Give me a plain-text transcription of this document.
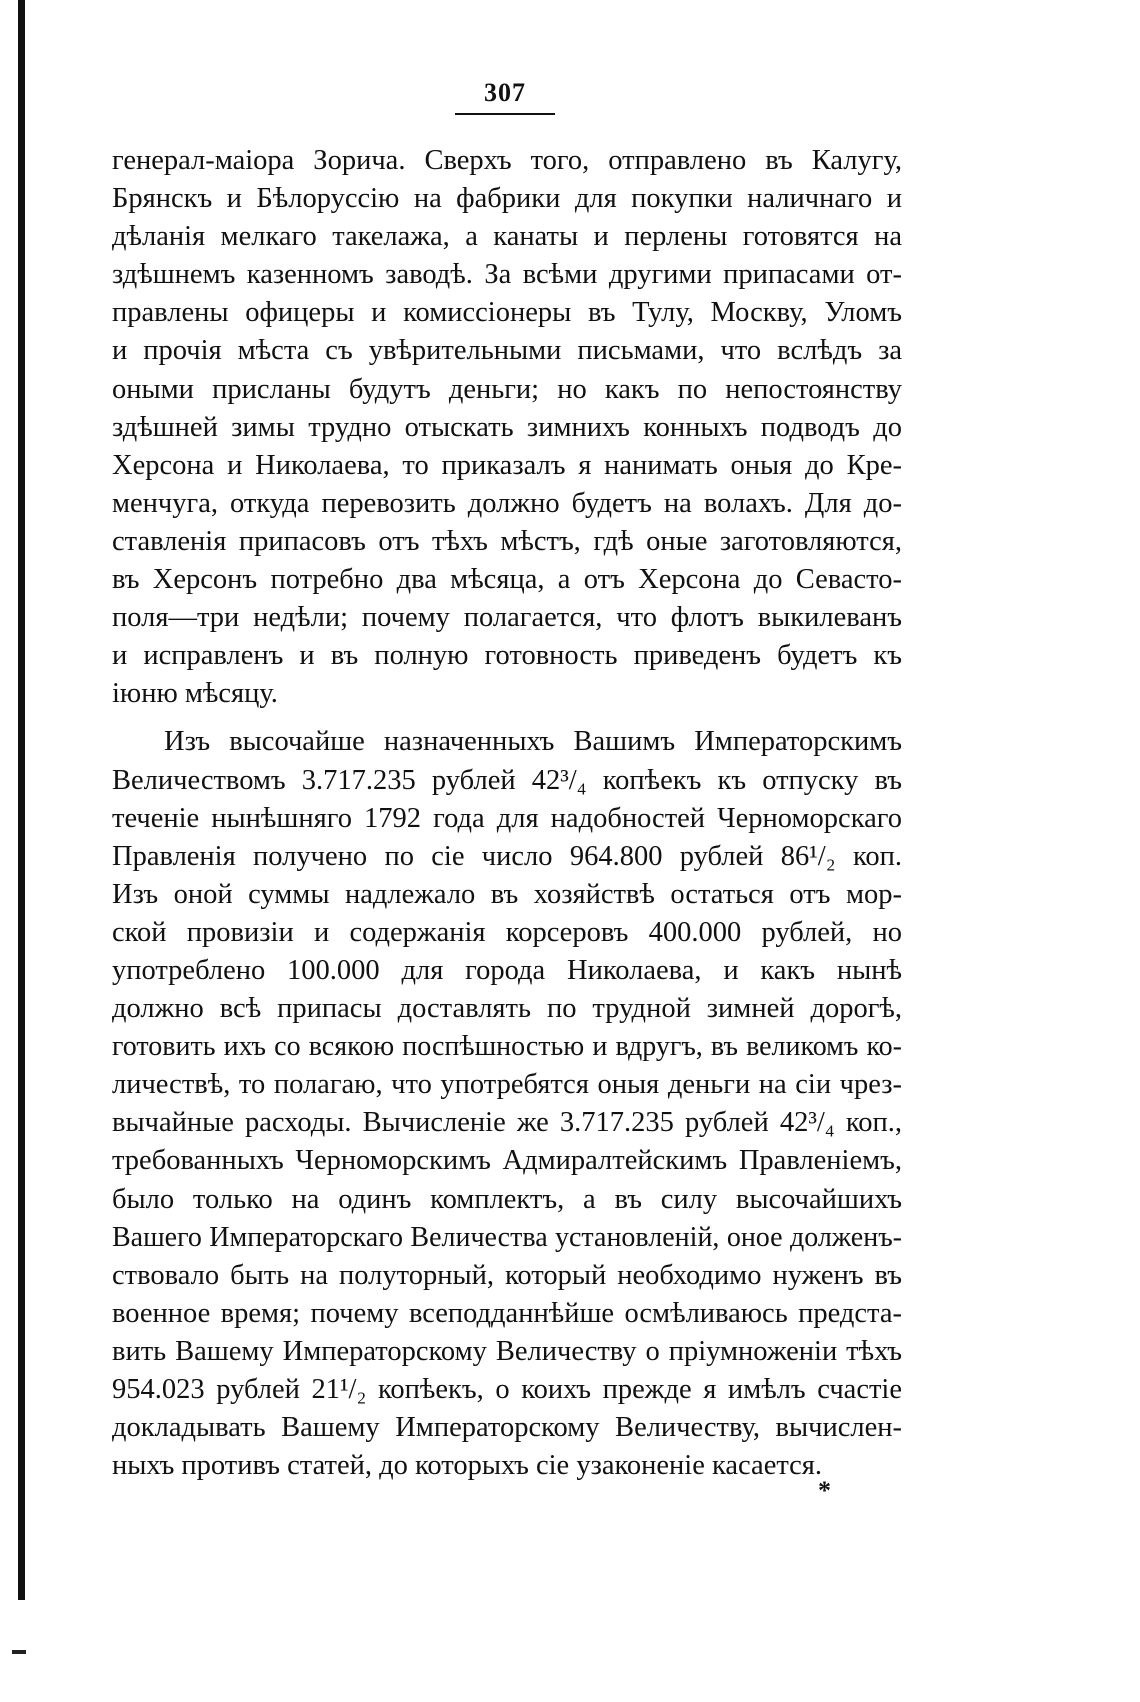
307
генерал-маiора Зорича. Сверхъ того, отправлено въ Калугу,
Брянскъ и Бѣлоруссiю на фабрики для покупки наличнаго и
дѣланiя мелкаго такелажа, а канаты и перлены готовятся на
здѣшнемъ казенномъ заводѣ. За всѣми другими припасами от-
правлены офицеры и комиссiонеры въ Тулу, Москву, Уломъ
и прочiя мѣста съ увѣрительными письмами, что вслѣдъ за
оными присланы будутъ деньги; но какъ по непостоянству
здѣшней зимы трудно отыскать зимнихъ конныхъ подводъ до
Херсона и Николаева, то приказалъ я нанимать оныя до Кре-
менчуга, откуда перевозить должно будетъ на волахъ. Для до-
ставленiя припасовъ отъ тѣхъ мѣстъ, гдѣ оные заготовляются,
въ Херсонъ потребно два мѣсяца, а отъ Херсона до Севасто-
поля—три недѣли; почему полагается, что флотъ выкилеванъ
и исправленъ и въ полную готовность приведенъ будетъ къ
iюню мѣсяцу.
Изъ высочайше назначенныхъ Вашимъ Императорскимъ
Величествомъ 3.717.235 рублей 42³/₄ копѣекъ къ отпуску въ
теченiе нынѣшняго 1792 года для надобностей Черноморскаго
Правленiя получено по сiе число 964.800 рублей 86¹/₂ коп.
Изъ оной суммы надлежало въ хозяйствѣ остаться отъ мор-
ской провизiи и содержанiя корсеровъ 400.000 рублей, но
употреблено 100.000 для города Николаева, и какъ нынѣ
должно всѣ припасы доставлять по трудной зимней дорогѣ,
готовить ихъ со всякою поспѣшностью и вдругъ, въ великомъ ко-
личествѣ, то полагаю, что употребятся оныя деньги на сiи чрез-
вычайные расходы. Вычисленiе же 3.717.235 рублей 42³/₄ коп.,
требованныхъ Черноморскимъ Адмиралтейскимъ Правленiемъ,
было только на одинъ комплектъ, а въ силу высочайшихъ
Вашего Императорскаго Величества установленiй, оное долженъ-
ствовало быть на полуторный, который необходимо нуженъ въ
военное время; почему всеподданнѣйше осмѣливаюсь предста-
вить Вашему Императорскому Величеству о прiумноженiи тѣхъ
954.023 рублей 21¹/₂ копѣекъ, о коихъ прежде я имѣлъ счастiе
докладывать Вашему Императорскому Величеству, вычислен-
ныхъ противъ статей, до которыхъ сiе узаконенiе касается.
*
